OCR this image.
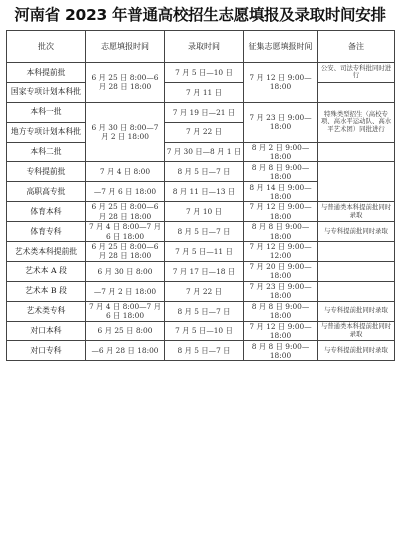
河南省 2023 年普通高校招生志愿填报及录取时间安排
批次	志愿填报时间	录取时间	征集志愿填报时间	备注
本科提前批	6 月 25 日 8:00—6 月 28 日 18:00	7 月 5 日—10 日	7 月 12 日 9:00—18:00	公安、司法专科批同时进行
国家专项计划本科批		7 月 11 日		
本科一批	6 月 30 日 8:00—7 月 2 日 18:00	7 月 19 日—21 日	7 月 23 日 9:00—18:00	特殊类型招生（高校专项、高水平运动队、高水平艺术团）同批进行
地方专项计划本科批		7 月 22 日		
本科二批		7 月 30 日—8 月 1 日	8 月 2 日 9:00—18:00	
专科提前批	7 月 4 日 8:00	8 月 5 日—7 日	8 月 8 日 9:00—18:00	
高职高专批	—7 月 6 日 18:00	8 月 11 日—13 日	8 月 14 日 9:00—18:00	
体育本科	6 月 25 日 8:00—6 月 28 日 18:00	7 月 10 日	7 月 12 日 9:00—18:00	与普通类本科提前批同时录取
体育专科	7 月 4 日 8:00—7 月 6 日 18:00	8 月 5 日—7 日	8 月 8 日 9:00—18:00	与专科提前批同时录取
艺术类本科提前批	6 月 25 日 8:00—6 月 28 日 18:00	7 月 5 日—11 日	7 月 12 日 9:00—12:00	
艺术本 A 段	6 月 30 日 8:00	7 月 17 日—18 日	7 月 20 日 9:00—18:00	
艺术本 B 段	—7 月 2 日 18:00	7 月 22 日	7 月 23 日 9:00—18:00	
艺术类专科	7 月 4 日 8:00—7 月 6 日 18:00	8 月 5 日—7 日	8 月 8 日 9:00—18:00	与专科提前批同时录取
对口本科	6 月 25 日 8:00	7 月 5 日—10 日	7 月 12 日 9:00—18:00	与普通类本科提前批同时录取
对口专科	—6 月 28 日 18:00	8 月 5 日—7 日	8 月 8 日 9:00—18:00	与专科提前批同时录取
